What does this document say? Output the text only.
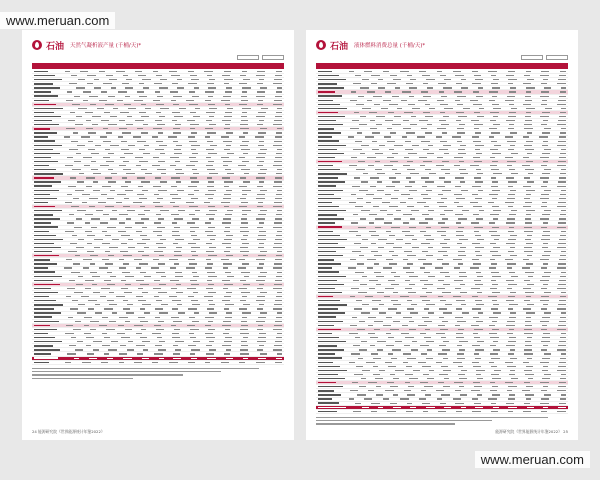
www.meruan.com
www.meruan.com
石油 天然气凝析液产量 (千桶/天)*
24 能源研究院《世界能源统计年鉴2022》
石油 液体燃料消费总量 (千桶/天)*
能源研究院《世界能源统计年鉴2022》 25
